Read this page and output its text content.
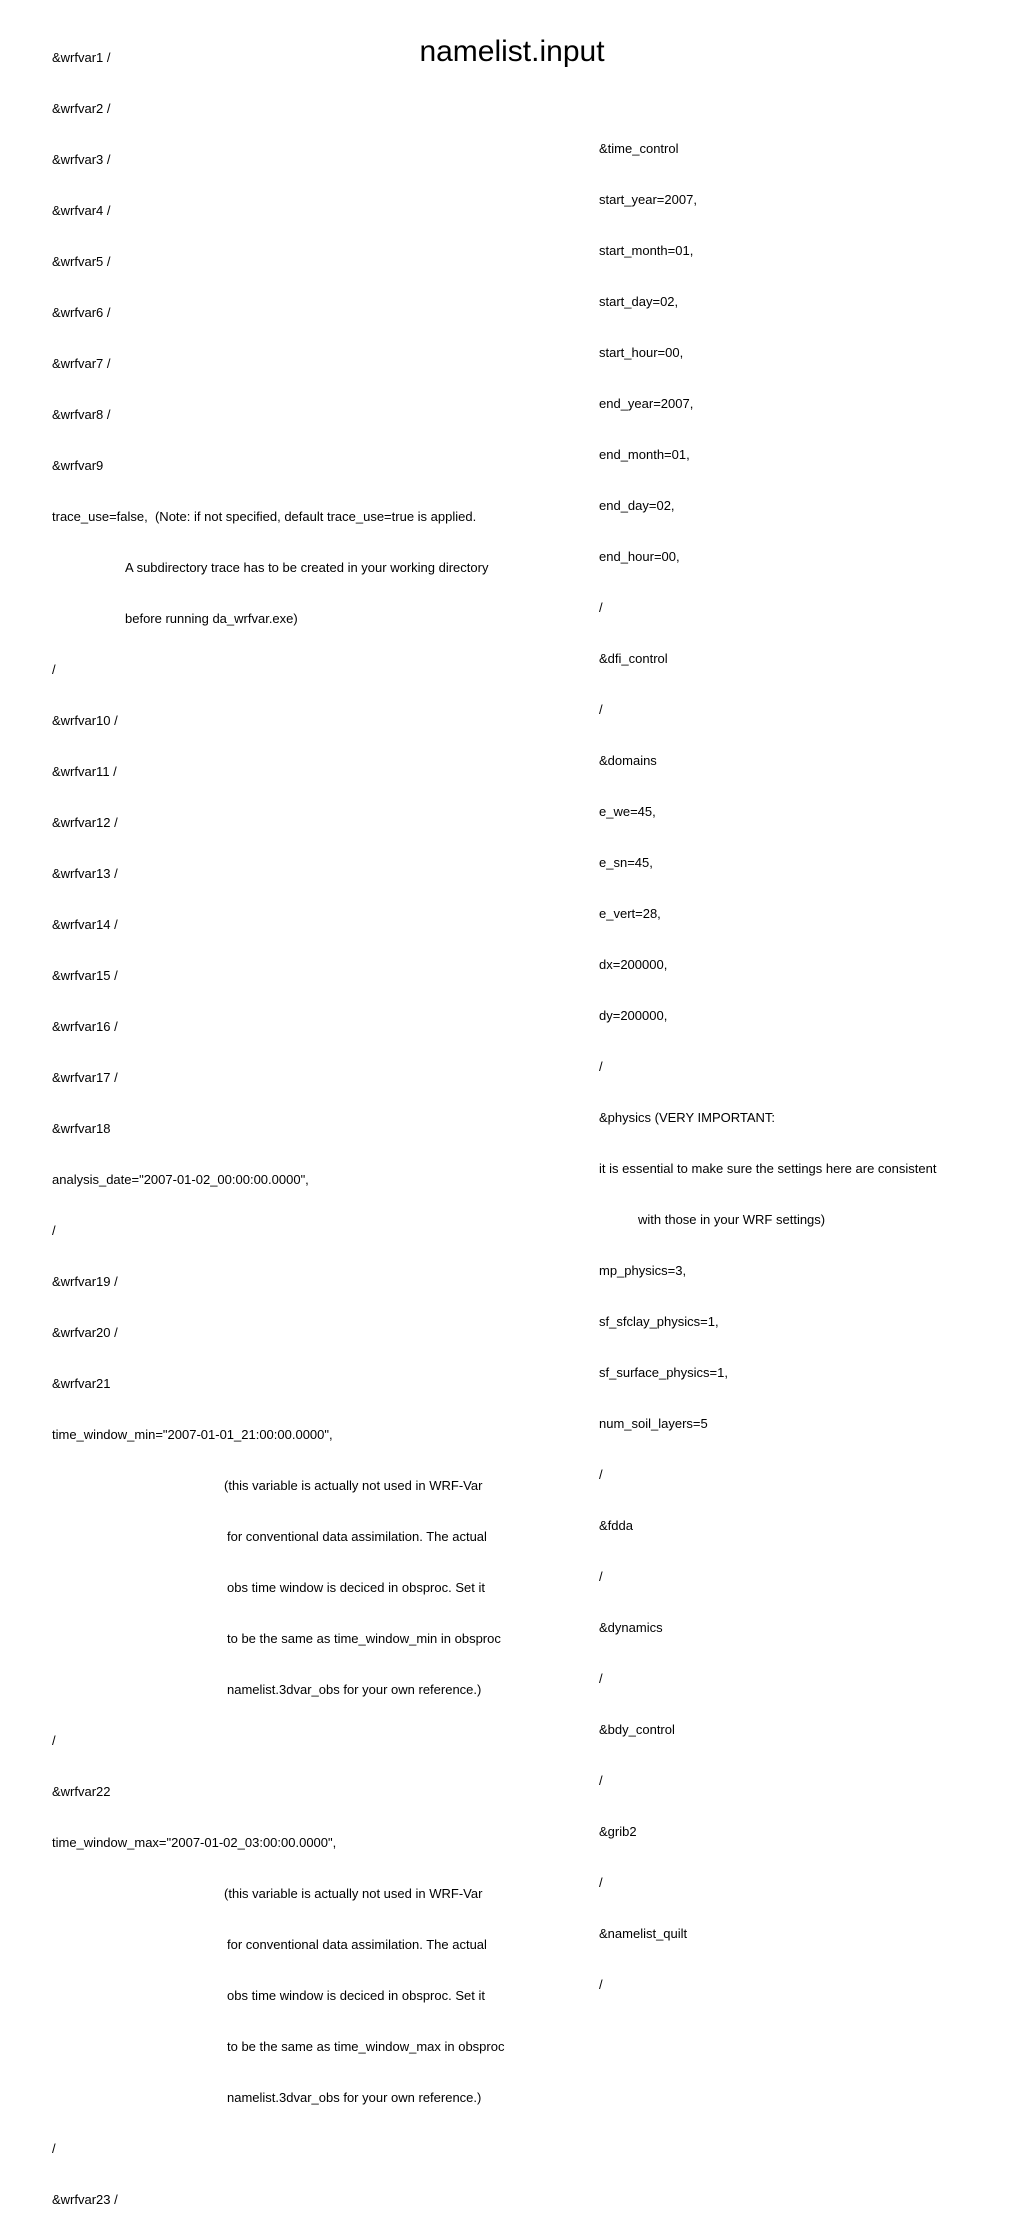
namelist.input

&wrfvar1 /

&wrfvar2 /

&wrfvar3 /

&wrfvar4 /

&wrfvar5 /

&wrfvar6 /

&wrfvar7 /

&wrfvar8 /

&wrfvar9

trace_use=false,  (Note: if not specified, default trace_use=true is applied.

A subdirectory trace has to be created in your working directory

before running da_wrfvar.exe)

/

&wrfvar10 /

&wrfvar11 /

&wrfvar12 /

&wrfvar13 /

&wrfvar14 /

&wrfvar15 /

&wrfvar16 /

&wrfvar17 /

&wrfvar18

analysis_date="2007-01-02_00:00:00.0000",

/

&wrfvar19 /

&wrfvar20 /

&wrfvar21

time_window_min="2007-01-01_21:00:00.0000",

(this variable is actually not used in WRF-Var

for conventional data assimilation. The actual

obs time window is deciced in obsproc. Set it

to be the same as time_window_min in obsproc

namelist.3dvar_obs for your own reference.)

/

&wrfvar22

time_window_max="2007-01-02_03:00:00.0000",

(this variable is actually not used in WRF-Var

for conventional data assimilation. The actual

obs time window is deciced in obsproc. Set it

to be the same as time_window_max in obsproc

namelist.3dvar_obs for your own reference.)

/

&wrfvar23 /

&time_control

start_year=2007,

start_month=01,

start_day=02,

start_hour=00,

end_year=2007,

end_month=01,

end_day=02,

end_hour=00,

/

&dfi_control

/

&domains

e_we=45,

e_sn=45,

e_vert=28,

dx=200000,

dy=200000,

/

&physics (VERY IMPORTANT:

it is essential to make sure the settings here are consistent

with those in your WRF settings)

mp_physics=3,

sf_sfclay_physics=1,

sf_surface_physics=1,

num_soil_layers=5

/

&fdda

/

&dynamics

/

&bdy_control

/

&grib2

/

&namelist_quilt

/
